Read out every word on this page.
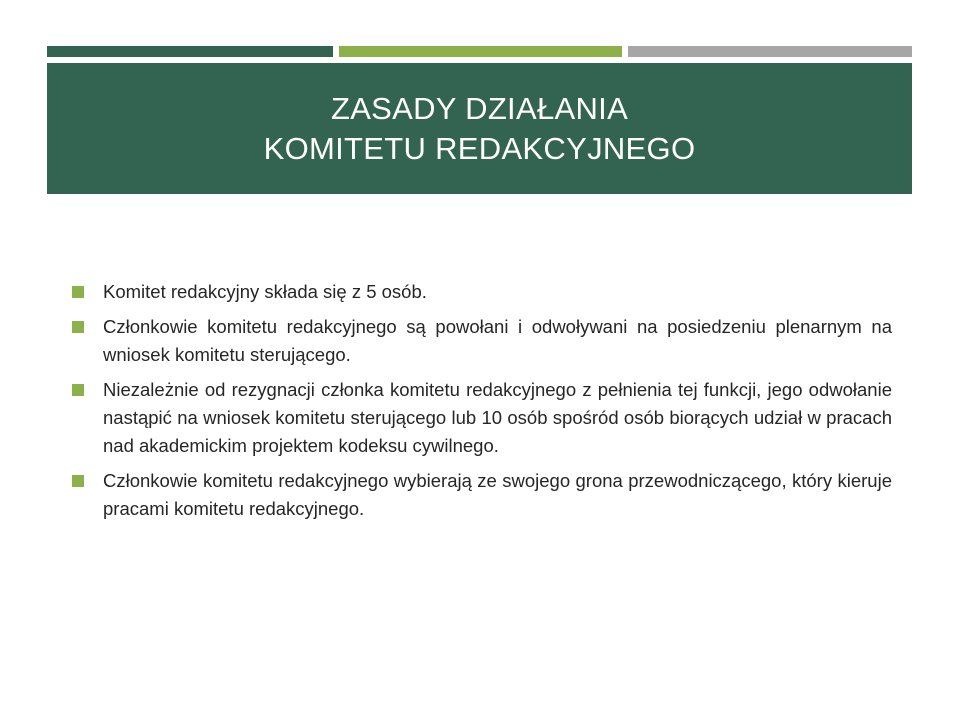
ZASADY DZIAŁANIA
KOMITETU REDAKCYJNEGO
Komitet redakcyjny składa się z 5 osób.
Członkowie komitetu redakcyjnego są powołani i odwoływani na posiedzeniu plenarnym na wniosek komitetu sterującego.
Niezależnie od rezygnacji członka komitetu redakcyjnego z pełnienia tej funkcji, jego odwołanie nastąpić na wniosek komitetu sterującego lub 10 osób spośród osób biorących udział w pracach nad akademickim projektem kodeksu cywilnego.
Członkowie komitetu redakcyjnego wybierają ze swojego grona przewodniczącego, który kieruje pracami komitetu redakcyjnego.
